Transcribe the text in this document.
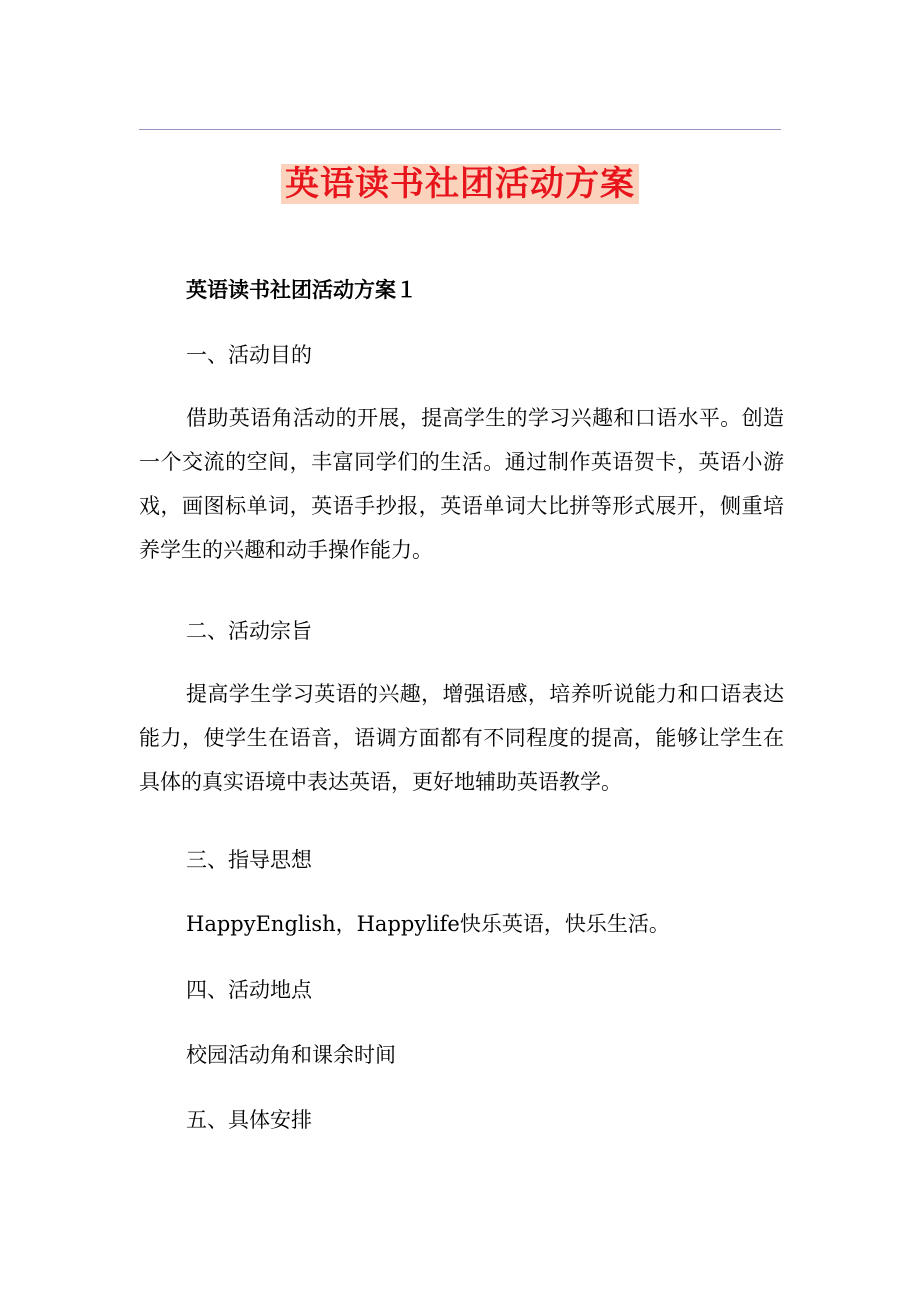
英语读书社团活动方案
英语读书社团活动方案１
一、活动目的
借助英语角活动的开展，提高学生的学习兴趣和口语水平。创造一个交流的空间，丰富同学们的生活。通过制作英语贺卡，英语小游戏，画图标单词，英语手抄报，英语单词大比拼等形式展开，侧重培养学生的兴趣和动手操作能力。
二、活动宗旨
提高学生学习英语的兴趣，增强语感，培养听说能力和口语表达能力，使学生在语音，语调方面都有不同程度的提高，能够让学生在具体的真实语境中表达英语，更好地辅助英语教学。
三、指导思想
HappyEnglish，Happylife快乐英语，快乐生活。
四、活动地点
校园活动角和课余时间
五、具体安排
